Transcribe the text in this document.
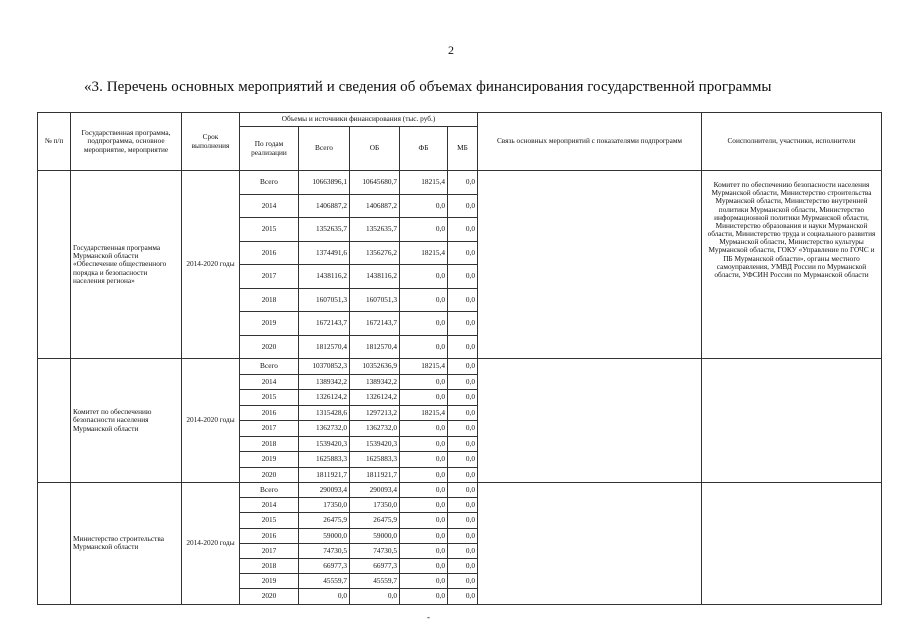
2
«3. Перечень основных мероприятий и сведения об объемах финансирования государственной программы
№ п/п	Государственная программа, подпрограмма, основное мероприятие, мероприятие	Срок выполнения	Объемы и источники финансирования (тыс. руб.)					Связь основных мероприятий с показателями подпрограмм	Соисполнители, участники, исполнители
			По годам реализации	Всего	ОБ	ФБ	МБ		
	Государственная программа Мурманской области «Обеспечение общественного порядка и безопасности населения региона»	2014-2020 годы	Всего	10663896,1	10645680,7	18215,4	0,0		Комитет по обеспечению безопасности населения Мурманской области, Министерство строительства Мурманской области, Министерство внутренней политики Мурманской области, Министерство информационной политики Мурманской области, Министерство образования и науки Мурманской области, Министерство труда и социального развития Мурманской области, Министерство культуры Мурманской области, ГОКУ «Управление по ГОЧС и ПБ Мурманской области», органы местного самоуправления, УМВД России по Мурманской области, УФСИН России по Мурманской области
			2014	1406887,2	1406887,2	0,0	0,0		
			2015	1352635,7	1352635,7	0,0	0,0		
			2016	1374491,6	1356276,2	18215,4	0,0		
			2017	1438116,2	1438116,2	0,0	0,0		
			2018	1607051,3	1607051,3	0,0	0,0		
			2019	1672143,7	1672143,7	0,0	0,0		
			2020	1812570,4	1812570,4	0,0	0,0		
	Комитет по обеспечению безопасности населения Мурманской области	2014-2020 годы	Всего	10370852,3	10352636,9	18215,4	0,0		
			2014	1389342,2	1389342,2	0,0	0,0		
			2015	1326124,2	1326124,2	0,0	0,0		
			2016	1315428,6	1297213,2	18215,4	0,0		
			2017	1362732,0	1362732,0	0,0	0,0		
			2018	1539420,3	1539420,3	0,0	0,0		
			2019	1625883,3	1625883,3	0,0	0,0		
			2020	1811921,7	1811921,7	0,0	0,0		
	Министерство строительства Мурманской области	2014-2020 годы	Всего	290093,4	290093,4	0,0	0,0		
			2014	17350,0	17350,0	0,0	0,0		
			2015	26475,9	26475,9	0,0	0,0		
			2016	59000,0	59000,0	0,0	0,0		
			2017	74730,5	74730,5	0,0	0,0		
			2018	66977,3	66977,3	0,0	0,0		
			2019	45559,7	45559,7	0,0	0,0		
			2020	0,0	0,0	0,0	0,0		
-
